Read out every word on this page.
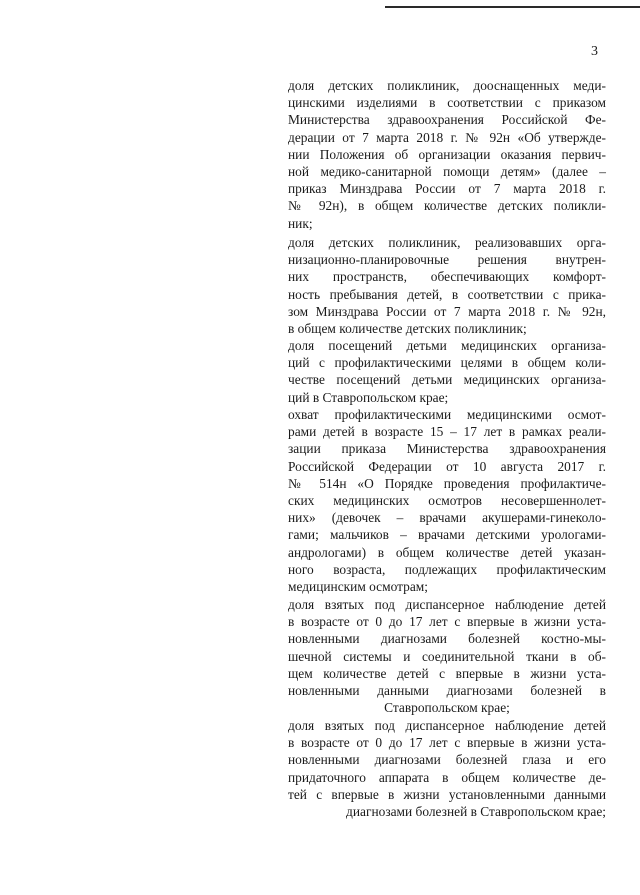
3

доля детских поликлиник, дооснащенных меди-
цинскими изделиями в соответствии с приказом
Министерства здравоохранения Российской Фе-
дерации от 7 марта 2018 г. № 92н «Об утвержде-
нии Положения об организации оказания первич-
ной медико-санитарной помощи детям» (далее –
приказ Минздрава России от 7 марта 2018 г.
№ 92н), в общем количестве детских поликли-
ник;

доля детских поликлиник, реализовавших орга-
низационно-планировочные решения внутрен-
них пространств, обеспечивающих комфорт-
ность пребывания детей, в соответствии с прика-
зом Минздрава России от 7 марта 2018 г. № 92н,
в общем количестве детских поликлиник;

доля посещений детьми медицинских организа-
ций с профилактическими целями в общем коли-
честве посещений детьми медицинских организа-
ций в Ставропольском крае;

охват профилактическими медицинскими осмот-
рами детей в возрасте 15 – 17 лет в рамках реали-
зации приказа Министерства здравоохранения
Российской Федерации от 10 августа 2017 г.
№ 514н «О Порядке проведения профилактиче-
ских медицинских осмотров несовершеннолет-
них» (девочек – врачами акушерами-гинеколо-
гами; мальчиков – врачами детскими урологами-
андрологами) в общем количестве детей указан-
ного возраста, подлежащих профилактическим
медицинским осмотрам;

доля взятых под диспансерное наблюдение детей
в возрасте от 0 до 17 лет с впервые в жизни уста-
новленными диагнозами болезней костно-мы-
шечной системы и соединительной ткани в об-
щем количестве детей с впервые в жизни уста-
новленными данными диагнозами болезней в
Ставропольском крае;

доля взятых под диспансерное наблюдение детей
в возрасте от 0 до 17 лет с впервые в жизни уста-
новленными диагнозами болезней глаза и его
придаточного аппарата в общем количестве де-
тей с впервые в жизни установленными данными
диагнозами болезней в Ставропольском крае;
